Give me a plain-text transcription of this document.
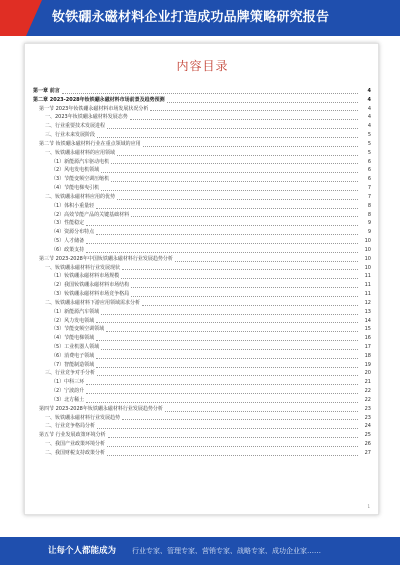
钕铁硼永磁材料企业打造成功品牌策略研究报告
内容目录
第一章 前言	4
第二章 2023-2028年钕铁硼永磁材料市场前景及趋势预测	4
第一节 2023年钕铁硼永磁材料市场发展状况分析	4
一、2023年钕铁硼永磁材料发展态势	4
二、行业重要技术发展进程	4
三、行业未来发展阶段	5
第二节 钕铁硼永磁材料行业在重点领域的应用	5
一、钕铁硼永磁材料的应用领域	5
（1）新能源汽车驱动电机	6
（2）风电发电机领域	6
（3）节能变频空调压缩机	6
（4）节能电梯曳引机	7
二、钕铁硼永磁材料应用的优势	7
（1）体积小重量轻	8
（2）高效节能产品的关键基础材料	8
（3）性能稳定	9
（4）资源分布特点	9
（5）人才储备	10
（6）政策支持	10
第三节 2023-2028年中国钕铁硼永磁材料行业发展趋势分析	10
一、钕铁硼永磁材料行业发展现状	10
（1）钕铁硼永磁材料市场规模	11
（2）我国钕铁硼永磁材料市场结构	11
（3）钕铁硼永磁材料市场竞争格局	11
二、钕铁硼永磁材料下游应用领域需求分析	12
（1）新能源汽车领域	13
（2）风力发电领域	14
（3）节能变频空调领域	15
（4）节能电梯领域	16
（5）工业机器人领域	17
（6）消费电子领域	18
（7）智能制造领域	19
三、行业竞争对手分析	20
（1）中科三环	21
（2）宁波韵升	22
（3）北方稀土	22
第四节 2023-2028年钕铁硼永磁材料行业发展趋势分析	23
一、钕铁硼永磁材料行业发展趋势	23
二、行业竞争格局分析	24
第五节 行业发展政策环境分析	25
一、我国产业政策环境分析	26
二、我国财税支持政策分析	27
1
让每个人都能成为 行业专家、管理专家、营销专家、战略专家、成功企业家……
